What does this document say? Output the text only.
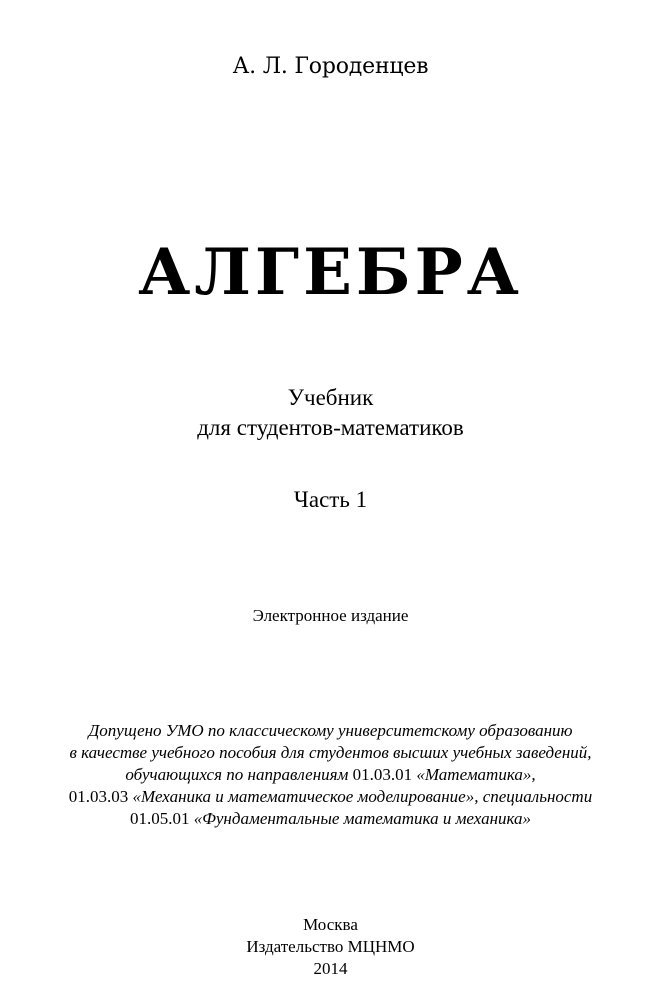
А. Л. Городенцев
АЛГЕБРА
Учебник
для студентов-математиков
Часть 1
Электронное издание
Допущено УМО по классическому университетскому образованию
в качестве учебного пособия для студентов высших учебных заведений,
обучающихся по направлениям 01.03.01 «Математика»,
01.03.03 «Механика и математическое моделирование», специальности
01.05.01 «Фундаментальные математика и механика»
Москва
Издательство МЦНМО
2014
